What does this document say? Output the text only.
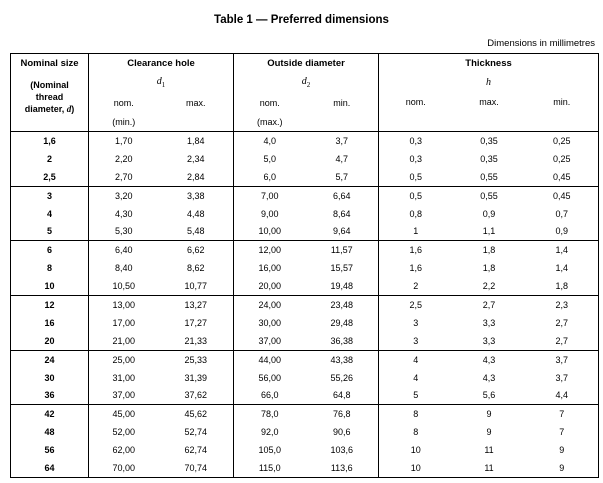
Table 1 — Preferred dimensions
Dimensions in millimetres
Nominal size
(Nominal
thread
diameter, d)	Clearance hole		Outside diameter		Thickness		
	$d_1$		$d_2$		h		
	nom.	max.	nom.	min.	nom.	max.	min.
	(min.)		(max.)				
1,6	1,70	1,84	4,0	3,7	0,3	0,35	0,25
2	2,20	2,34	5,0	4,7	0,3	0,35	0,25
2,5	2,70	2,84	6,0	5,7	0,5	0,55	0,45
3	3,20	3,38	7,00	6,64	0,5	0,55	0,45
4	4,30	4,48	9,00	8,64	0,8	0,9	0,7
5	5,30	5,48	10,00	9,64	1	1,1	0,9
6	6,40	6,62	12,00	11,57	1,6	1,8	1,4
8	8,40	8,62	16,00	15,57	1,6	1,8	1,4
10	10,50	10,77	20,00	19,48	2	2,2	1,8
12	13,00	13,27	24,00	23,48	2,5	2,7	2,3
16	17,00	17,27	30,00	29,48	3	3,3	2,7
20	21,00	21,33	37,00	36,38	3	3,3	2,7
24	25,00	25,33	44,00	43,38	4	4,3	3,7
30	31,00	31,39	56,00	55,26	4	4,3	3,7
36	37,00	37,62	66,0	64,8	5	5,6	4,4
42	45,00	45,62	78,0	76,8	8	9	7
48	52,00	52,74	92,0	90,6	8	9	7
56	62,00	62,74	105,0	103,6	10	11	9
64	70,00	70,74	115,0	113,6	10	11	9
